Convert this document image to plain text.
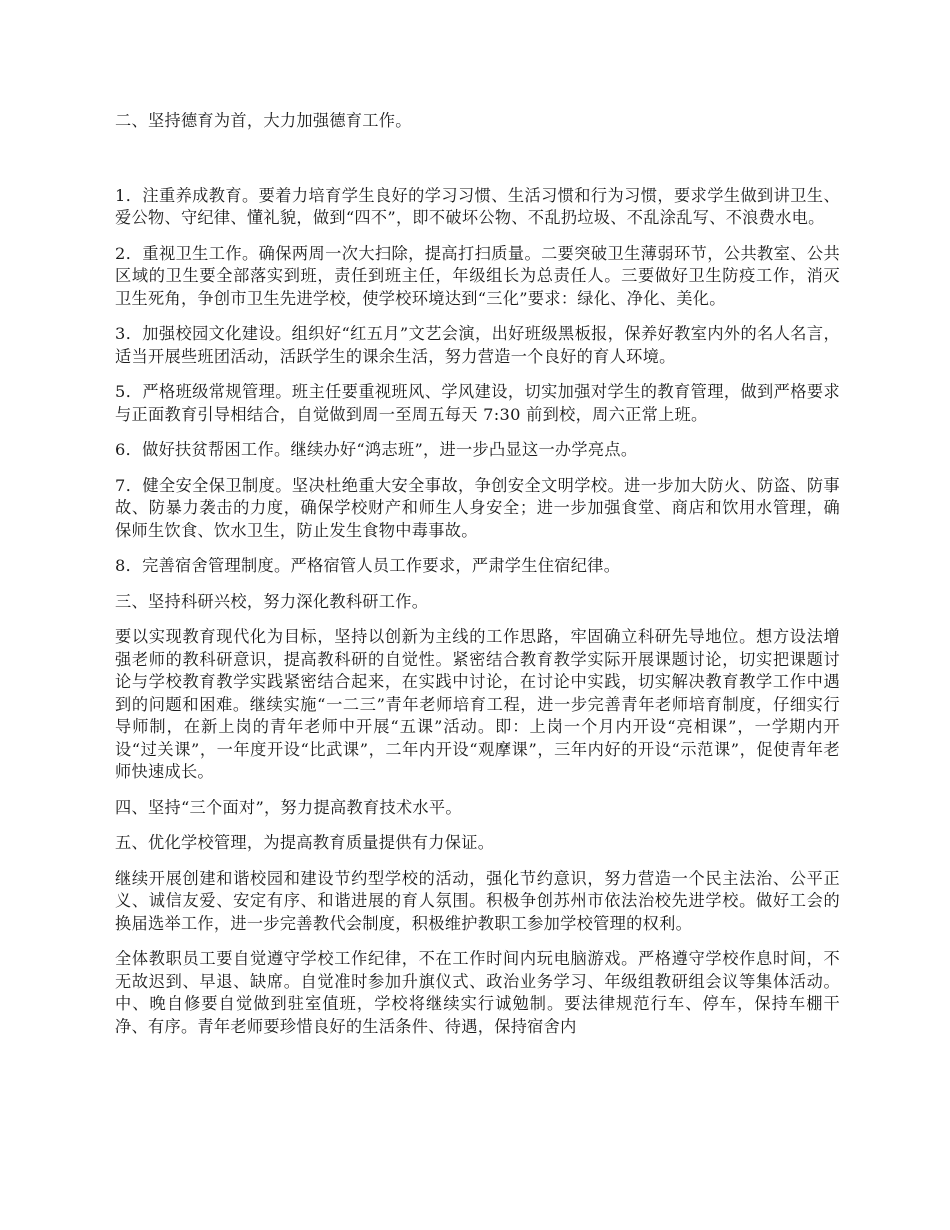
二、坚持德育为首，大力加强德育工作。

1．注重养成教育。要着力培育学生良好的学习习惯、生活习惯和行为习惯，要求学生做到讲卫生、爱公物、守纪律、懂礼貌，做到“四不”，即不破坏公物、不乱扔垃圾、不乱涂乱写、不浪费水电。

2．重视卫生工作。确保两周一次大扫除，提高打扫质量。二要突破卫生薄弱环节，公共教室、公共区域的卫生要全部落实到班，责任到班主任，年级组长为总责任人。三要做好卫生防疫工作，消灭卫生死角，争创市卫生先进学校，使学校环境达到“三化”要求：绿化、净化、美化。

3．加强校园文化建设。组织好“红五月”文艺会演，出好班级黑板报，保养好教室内外的名人名言，适当开展些班团活动，活跃学生的课余生活，努力营造一个良好的育人环境。

5．严格班级常规管理。班主任要重视班风、学风建设，切实加强对学生的教育管理，做到严格要求与正面教育引导相结合，自觉做到周一至周五每天 7:30 前到校，周六正常上班。

6．做好扶贫帮困工作。继续办好“鸿志班”，进一步凸显这一办学亮点。

7．健全安全保卫制度。坚决杜绝重大安全事故，争创安全文明学校。进一步加大防火、防盗、防事故、防暴力袭击的力度，确保学校财产和师生人身安全；进一步加强食堂、商店和饮用水管理，确保师生饮食、饮水卫生，防止发生食物中毒事故。

8．完善宿舍管理制度。严格宿管人员工作要求，严肃学生住宿纪律。

三、坚持科研兴校，努力深化教科研工作。

要以实现教育现代化为目标，坚持以创新为主线的工作思路，牢固确立科研先导地位。想方设法增强老师的教科研意识，提高教科研的自觉性。紧密结合教育教学实际开展课题讨论，切实把课题讨论与学校教育教学实践紧密结合起来，在实践中讨论，在讨论中实践，切实解决教育教学工作中遇到的问题和困难。继续实施“一二三”青年老师培育工程，进一步完善青年老师培育制度，仔细实行导师制，在新上岗的青年老师中开展“五课”活动。即：上岗一个月内开设“亮相课”，一学期内开设“过关课”，一年度开设“比武课”，二年内开设“观摩课”，三年内好的开设“示范课”，促使青年老师快速成长。

四、坚持“三个面对”，努力提高教育技术水平。

五、优化学校管理，为提高教育质量提供有力保证。

继续开展创建和谐校园和建设节约型学校的活动，强化节约意识，努力营造一个民主法治、公平正义、诚信友爱、安定有序、和谐进展的育人氛围。积极争创苏州市依法治校先进学校。做好工会的换届选举工作，进一步完善教代会制度，积极维护教职工参加学校管理的权利。

全体教职员工要自觉遵守学校工作纪律，不在工作时间内玩电脑游戏。严格遵守学校作息时间，不无故迟到、早退、缺席。自觉准时参加升旗仪式、政治业务学习、年级组教研组会议等集体活动。中、晚自修要自觉做到驻室值班，学校将继续实行诚勉制。要法律规范行车、停车，保持车棚干净、有序。青年老师要珍惜良好的生活条件、待遇，保持宿舍内
